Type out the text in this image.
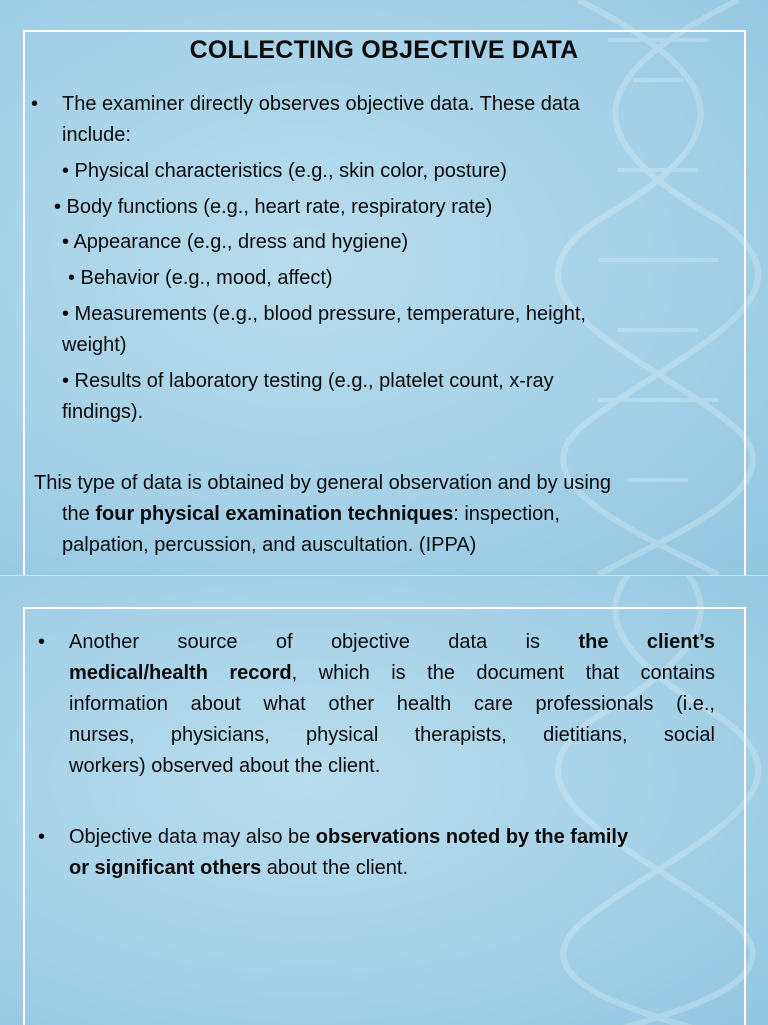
COLLECTING OBJECTIVE DATA
• The examiner directly observes objective data. These data
include:
• Physical characteristics (e.g., skin color, posture)
• Body functions (e.g., heart rate, respiratory rate)
• Appearance (e.g., dress and hygiene)
• Behavior (e.g., mood, affect)
• Measurements (e.g., blood pressure, temperature, height,
weight)
• Results of laboratory testing (e.g., platelet count, x-ray
findings).
This type of data is obtained by general observation and by using
the four physical examination techniques: inspection,
palpation, percussion, and auscultation. (IPPA)
• Another source of objective data is the client’s
medical/health record, which is the document that contains
information about what other health care professionals (i.e.,
nurses, physicians, physical therapists, dietitians, social
workers) observed about the client.
• Objective data may also be observations noted by the family
or significant others about the client.
